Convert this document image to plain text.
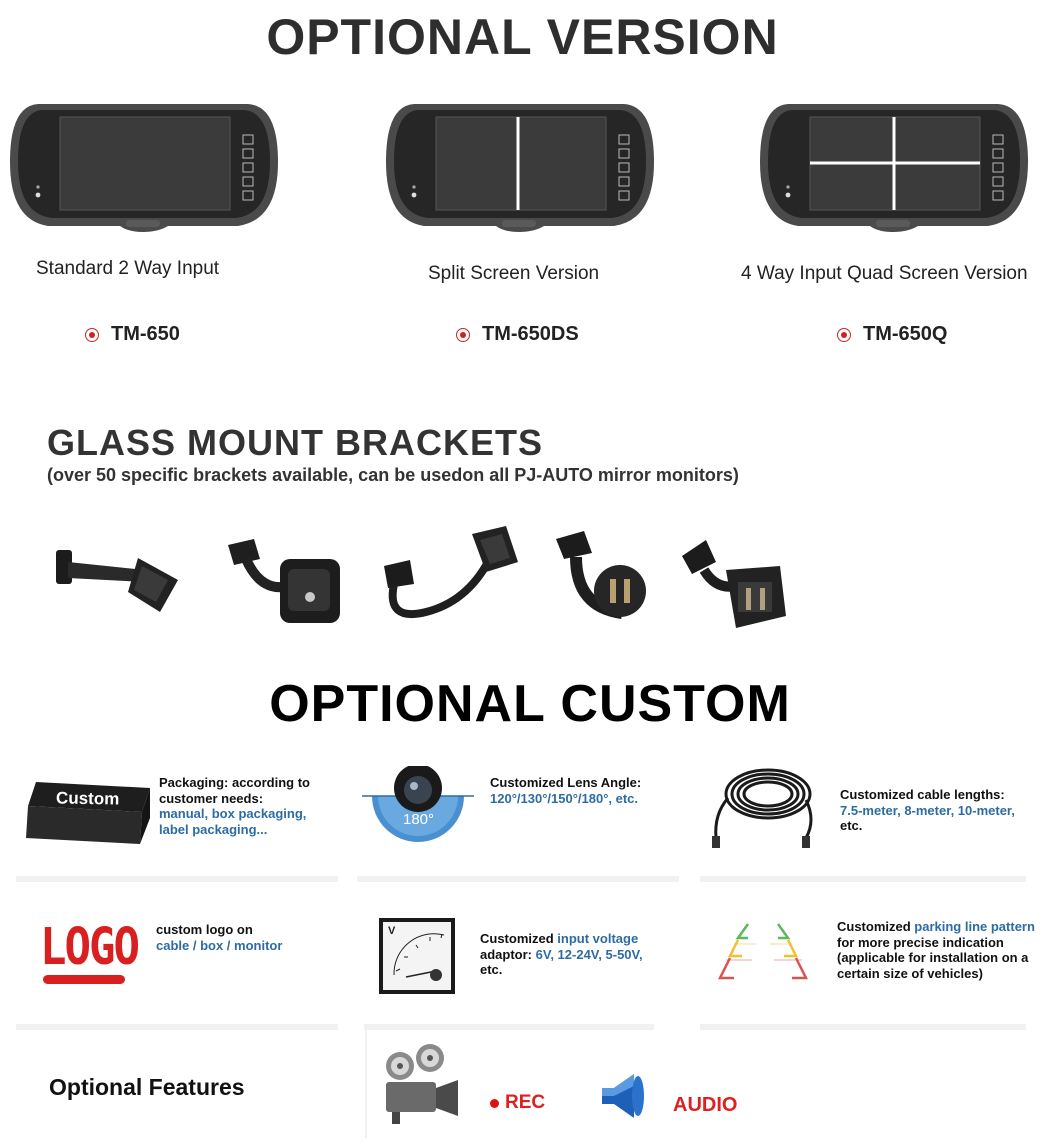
OPTIONAL VERSION
Standard 2 Way Input	Split Screen Version	4 Way Input Quad Screen Version
TM-650	TM-650DS	TM-650Q
GLASS MOUNT BRACKETS
(over 50 specific brackets available, can be usedon all PJ-AUTO mirror monitors)
OPTIONAL CUSTOM
Custom
Packaging: according to customer needs:
manual, box packaging, label packaging...
180°
Customized Lens Angle:
120°/130°/150°/180°, etc.	Customized cable lengths:
7.5-meter, 8-meter, 10-meter,
etc.
LOGO custom logo on
cable / box / monitor
V	Customized input voltage
adaptor: 6V, 12-24V, 5-50V,
etc.
Customized parking line pattern for more precise indication (applicable for installation on a certain size of vehicles)
Optional Features
REC	AUDIO
